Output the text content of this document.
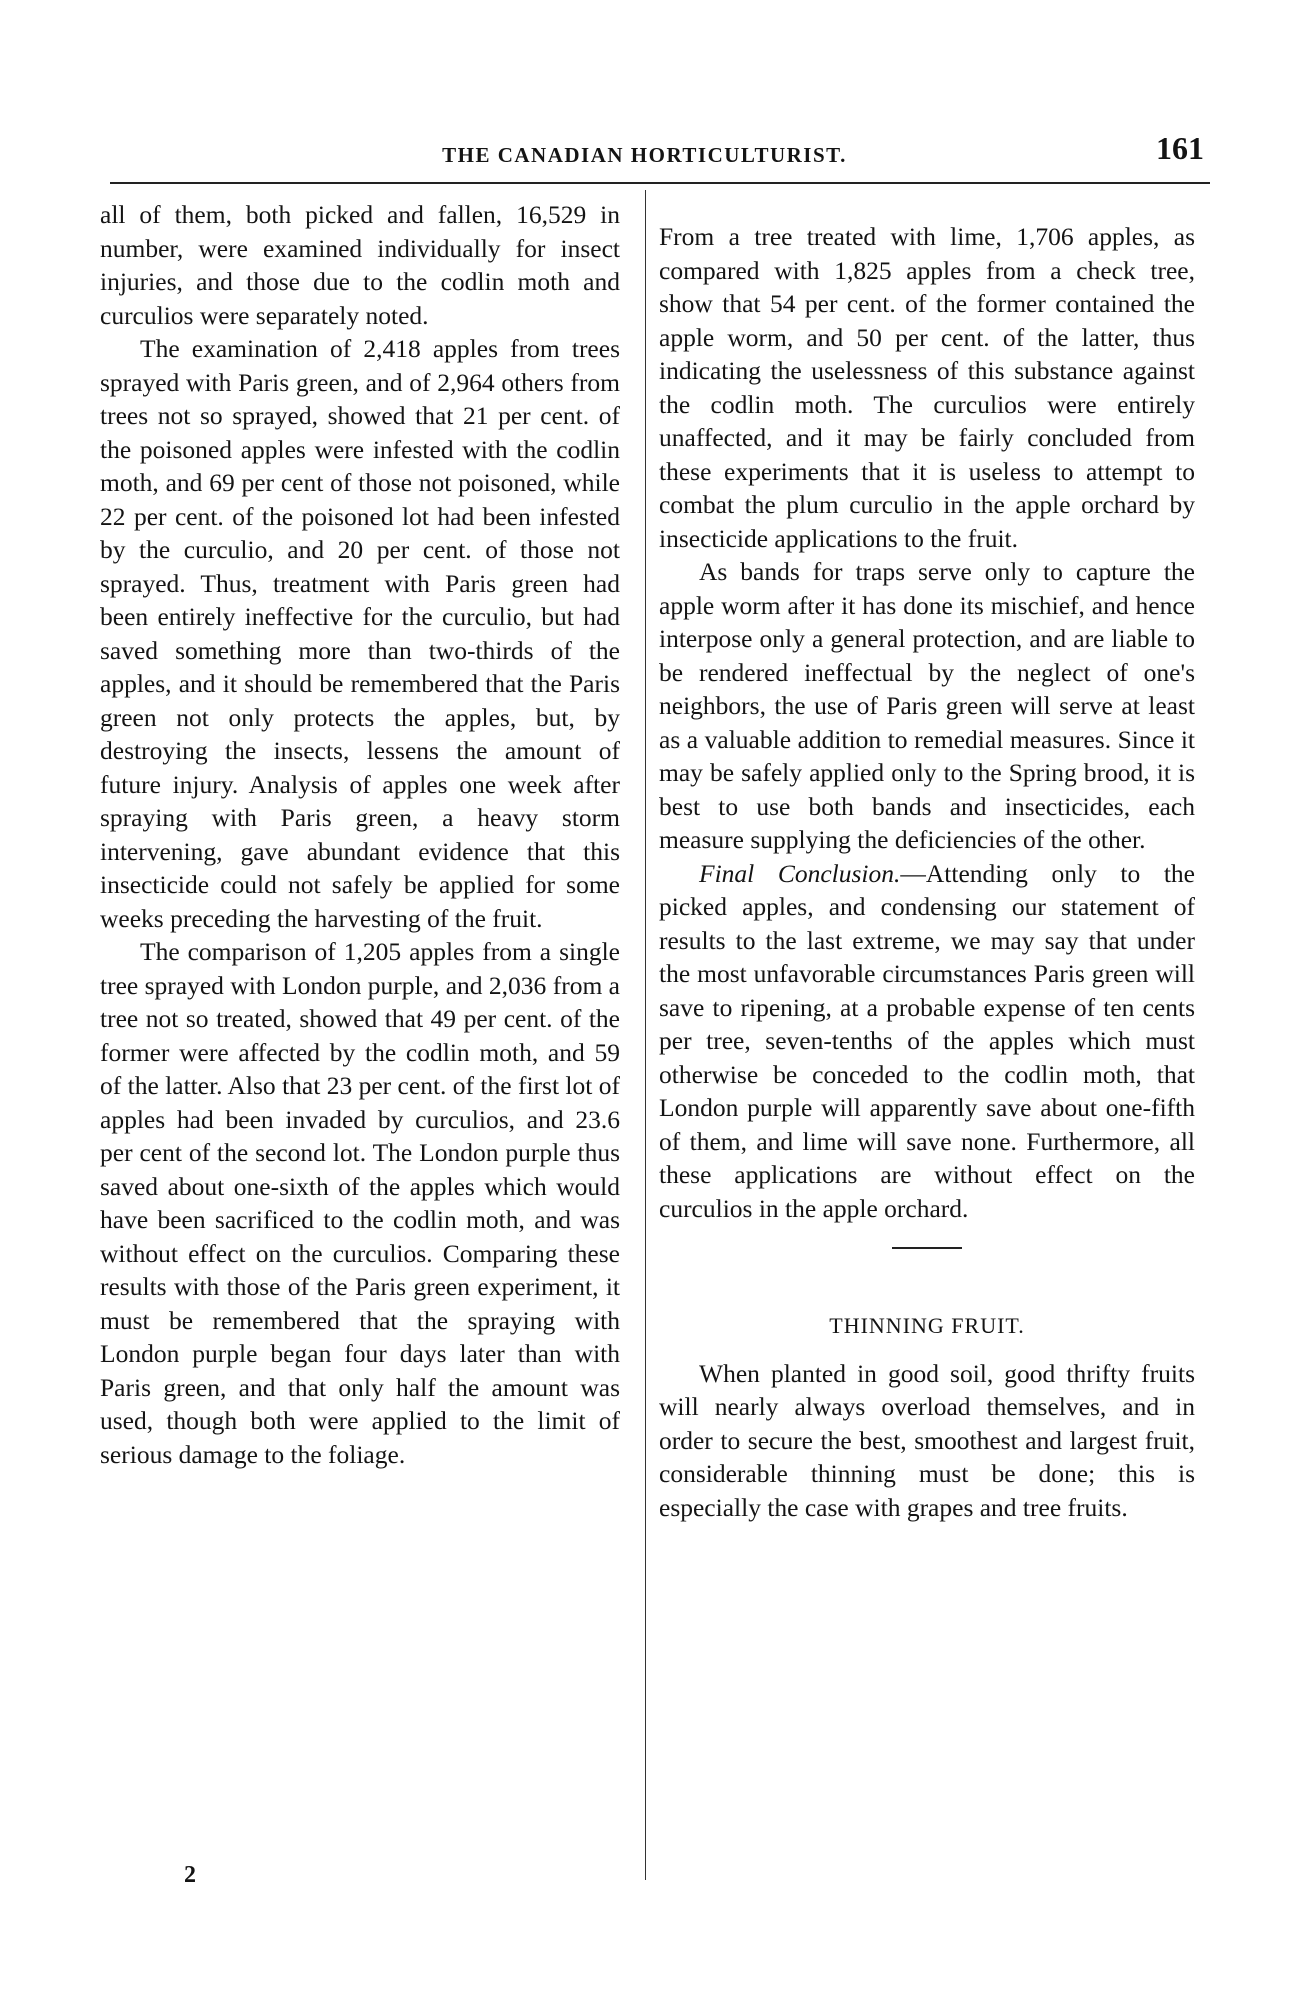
THE CANADIAN HORTICULTURIST.	161

all of them, both picked and fallen, 16,529 in number, were examined individually for insect injuries, and those due to the codlin moth and curculios were separately noted.

The examination of 2,418 apples from trees sprayed with Paris green, and of 2,964 others from trees not so sprayed, showed that 21 per cent. of the poisoned apples were infested with the codlin moth, and 69 per cent of those not poisoned, while 22 per cent. of the poisoned lot had been infested by the curculio, and 20 per cent. of those not sprayed. Thus, treatment with Paris green had been entirely ineffective for the curculio, but had saved something more than two-thirds of the apples, and it should be remembered that the Paris green not only protects the apples, but, by destroying the insects, lessens the amount of future injury. Analysis of apples one week after spraying with Paris green, a heavy storm intervening, gave abundant evidence that this insecticide could not safely be applied for some weeks preceding the harvesting of the fruit.

The comparison of 1,205 apples from a single tree sprayed with London purple, and 2,036 from a tree not so treated, showed that 49 per cent. of the former were affected by the codlin moth, and 59 of the latter. Also that 23 per cent. of the first lot of apples had been invaded by curculios, and 23.6 per cent of the second lot. The London purple thus saved about one-sixth of the apples which would have been sacrificed to the codlin moth, and was without effect on the curculios. Comparing these results with those of the Paris green experiment, it must be remembered that the spraying with London purple began four days later than with Paris green, and that only half the amount was used, though both were applied to the limit of serious damage to the foliage.

2

From a tree treated with lime, 1,706 apples, as compared with 1,825 apples from a check tree, show that 54 per cent. of the former contained the apple worm, and 50 per cent. of the latter, thus indicating the uselessness of this substance against the codlin moth. The curculios were entirely unaffected, and it may be fairly concluded from these experiments that it is useless to attempt to combat the plum curculio in the apple orchard by insecticide applications to the fruit.

As bands for traps serve only to capture the apple worm after it has done its mischief, and hence interpose only a general protection, and are liable to be rendered ineffectual by the neglect of one's neighbors, the use of Paris green will serve at least as a valuable addition to remedial measures. Since it may be safely applied only to the Spring brood, it is best to use both bands and insecticides, each measure supplying the deficiencies of the other.

Final Conclusion.—Attending only to the picked apples, and condensing our statement of results to the last extreme, we may say that under the most unfavorable circumstances Paris green will save to ripening, at a probable expense of ten cents per tree, seven-tenths of the apples which must otherwise be conceded to the codlin moth, that London purple will apparently save about one-fifth of them, and lime will save none. Furthermore, all these applications are without effect on the curculios in the apple orchard.

THINNING FRUIT.

When planted in good soil, good thrifty fruits will nearly always overload themselves, and in order to secure the best, smoothest and largest fruit, considerable thinning must be done; this is especially the case with grapes and tree fruits.
